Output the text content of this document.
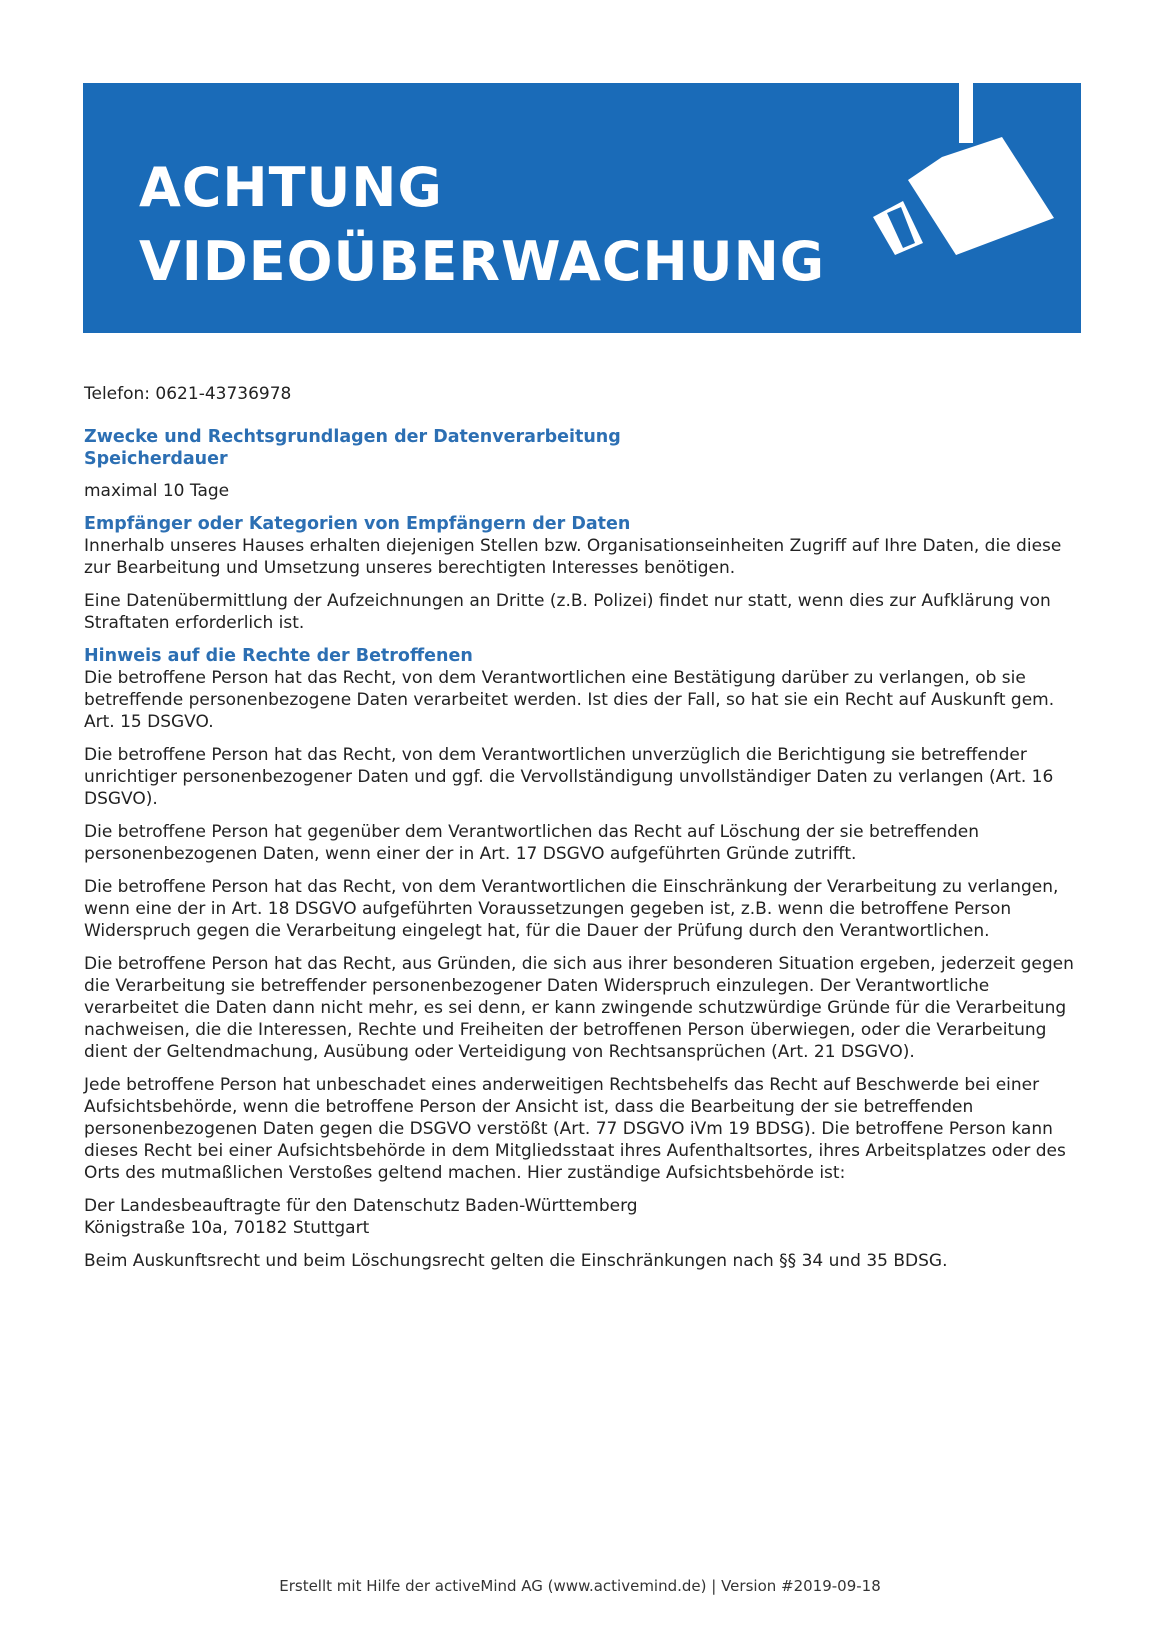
ACHTUNG
VIDEOÜBERWACHUNG

Telefon: 0621-43736978

Zwecke und Rechtsgrundlagen der Datenverarbeitung
Speicherdauer

maximal 10 Tage

Empfänger oder Kategorien von Empfängern der Daten

Innerhalb unseres Hauses erhalten diejenigen Stellen bzw. Organisationseinheiten Zugriff auf Ihre Daten, die diese zur Bearbeitung und Umsetzung unseres berechtigten Interesses benötigen.

Eine Datenübermittlung der Aufzeichnungen an Dritte (z.B. Polizei) findet nur statt, wenn dies zur Aufklärung von Straftaten erforderlich ist.

Hinweis auf die Rechte der Betroffenen

Die betroffene Person hat das Recht, von dem Verantwortlichen eine Bestätigung darüber zu verlangen, ob sie betreffende personenbezogene Daten verarbeitet werden. Ist dies der Fall, so hat sie ein Recht auf Auskunft gem. Art. 15 DSGVO.

Die betroffene Person hat das Recht, von dem Verantwortlichen unverzüglich die Berichtigung sie betreffender unrichtiger personenbezogener Daten und ggf. die Vervollständigung unvollständiger Daten zu verlangen (Art. 16 DSGVO).

Die betroffene Person hat gegenüber dem Verantwortlichen das Recht auf Löschung der sie betreffenden personenbezogenen Daten, wenn einer der in Art. 17 DSGVO aufgeführten Gründe zutrifft.

Die betroffene Person hat das Recht, von dem Verantwortlichen die Einschränkung der Verarbeitung zu verlangen, wenn eine der in Art. 18 DSGVO aufgeführten Voraussetzungen gegeben ist, z.B. wenn die betroffene Person Widerspruch gegen die Verarbeitung eingelegt hat, für die Dauer der Prüfung durch den Verantwortlichen.

Die betroffene Person hat das Recht, aus Gründen, die sich aus ihrer besonderen Situation ergeben, jederzeit gegen die Verarbeitung sie betreffender personenbezogener Daten Widerspruch einzulegen. Der Verantwortliche verarbeitet die Daten dann nicht mehr, es sei denn, er kann zwingende schutzwürdige Gründe für die Verarbeitung nachweisen, die die Interessen, Rechte und Freiheiten der betroffenen Person überwiegen, oder die Verarbeitung dient der Geltendmachung, Ausübung oder Verteidigung von Rechtsansprüchen (Art. 21 DSGVO).

Jede betroffene Person hat unbeschadet eines anderweitigen Rechtsbehelfs das Recht auf Beschwerde bei einer Aufsichtsbehörde, wenn die betroffene Person der Ansicht ist, dass die Bearbeitung der sie betreffenden personenbezogenen Daten gegen die DSGVO verstößt (Art. 77 DSGVO iVm 19 BDSG). Die betroffene Person kann dieses Recht bei einer Aufsichtsbehörde in dem Mitgliedsstaat ihres Aufenthaltsortes, ihres Arbeitsplatzes oder des Orts des mutmaßlichen Verstoßes geltend machen. Hier zuständige Aufsichtsbehörde ist:

Der Landesbeauftragte für den Datenschutz Baden-Württemberg
Königstraße 10a, 70182 Stuttgart

Beim Auskunftsrecht und beim Löschungsrecht gelten die Einschränkungen nach §§ 34 und 35 BDSG.

Erstellt mit Hilfe der activeMind AG (www.activemind.de) | Version #2019-09-18
